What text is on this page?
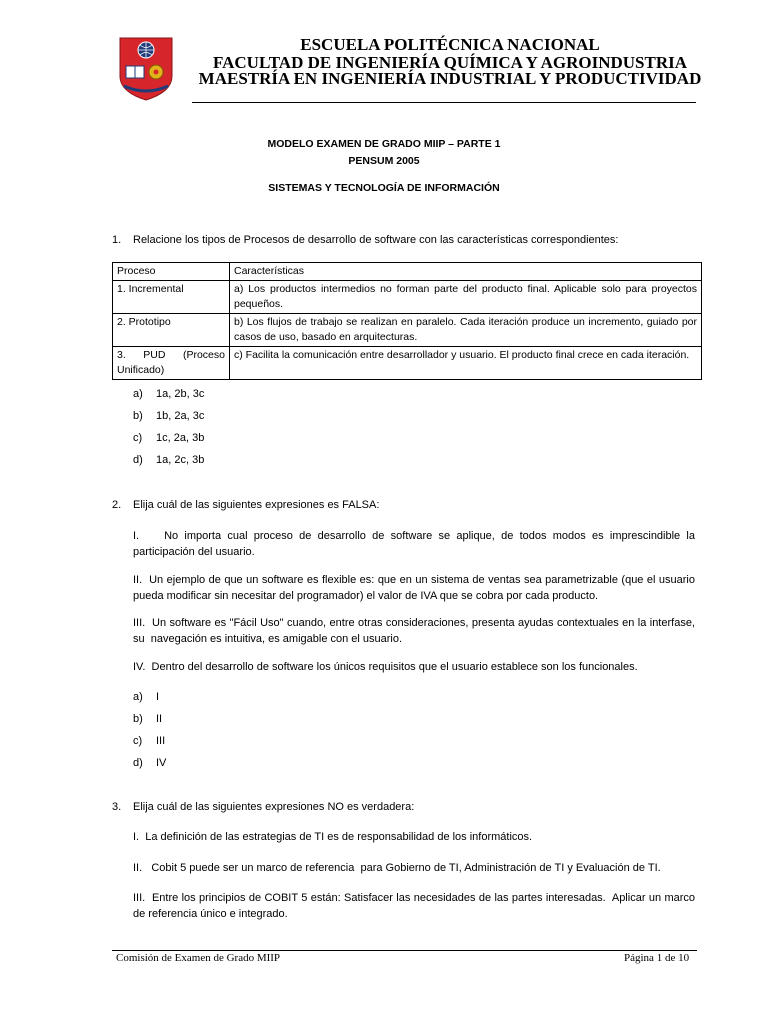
ESCUELA POLITÉCNICA NACIONAL
FACULTAD DE INGENIERÍA QUÍMICA Y AGROINDUSTRIA
MAESTRÍA EN INGENIERÍA INDUSTRIAL Y PRODUCTIVIDAD
MODELO EXAMEN DE GRADO MIIP – PARTE 1
PENSUM 2005
SISTEMAS Y TECNOLOGÍA DE INFORMACIÓN
1. Relacione los tipos de Procesos de desarrollo de software con las características correspondientes:
Proceso	Características
1. Incremental	a) Los productos intermedios no forman parte del producto final. Aplicable solo para proyectos pequeños.
2. Prototipo	b) Los flujos de trabajo se realizan en paralelo. Cada iteración produce un incremento, guiado por casos de uso, basado en arquitecturas.
3.   PUD   (Proceso Unificado)	c) Facilita la comunicación entre desarrollador y usuario. El producto final crece en cada iteración.
a) 1a, 2b, 3c
b) 1b, 2a, 3c
c) 1c, 2a, 3b
d) 1a, 2c, 3b
2. Elija cuál de las siguientes expresiones es FALSA:
I.    No importa cual proceso de desarrollo de software se aplique, de todos modos es imprescindible la participación del usuario.
II.  Un ejemplo de que un software es flexible es: que en un sistema de ventas sea parametrizable (que el usuario pueda modificar sin necesitar del programador) el valor de IVA que se cobra por cada producto.
III.  Un software es "Fácil Uso" cuando, entre otras consideraciones, presenta ayudas contextuales en la interfase, su  navegación es intuitiva, es amigable con el usuario.
IV.  Dentro del desarrollo de software los únicos requisitos que el usuario establece son los funcionales.
a) I
b) II
c) III
d) IV
3. Elija cuál de las siguientes expresiones NO es verdadera:
I.  La definición de las estrategias de TI es de responsabilidad de los informáticos.
II.   Cobit 5 puede ser un marco de referencia  para Gobierno de TI, Administración de TI y Evaluación de TI.
III.  Entre los principios de COBIT 5 están: Satisfacer las necesidades de las partes interesadas.  Aplicar un marco de referencia único e integrado.
Comisión de Examen de Grado MIIP	Página 1 de 10
